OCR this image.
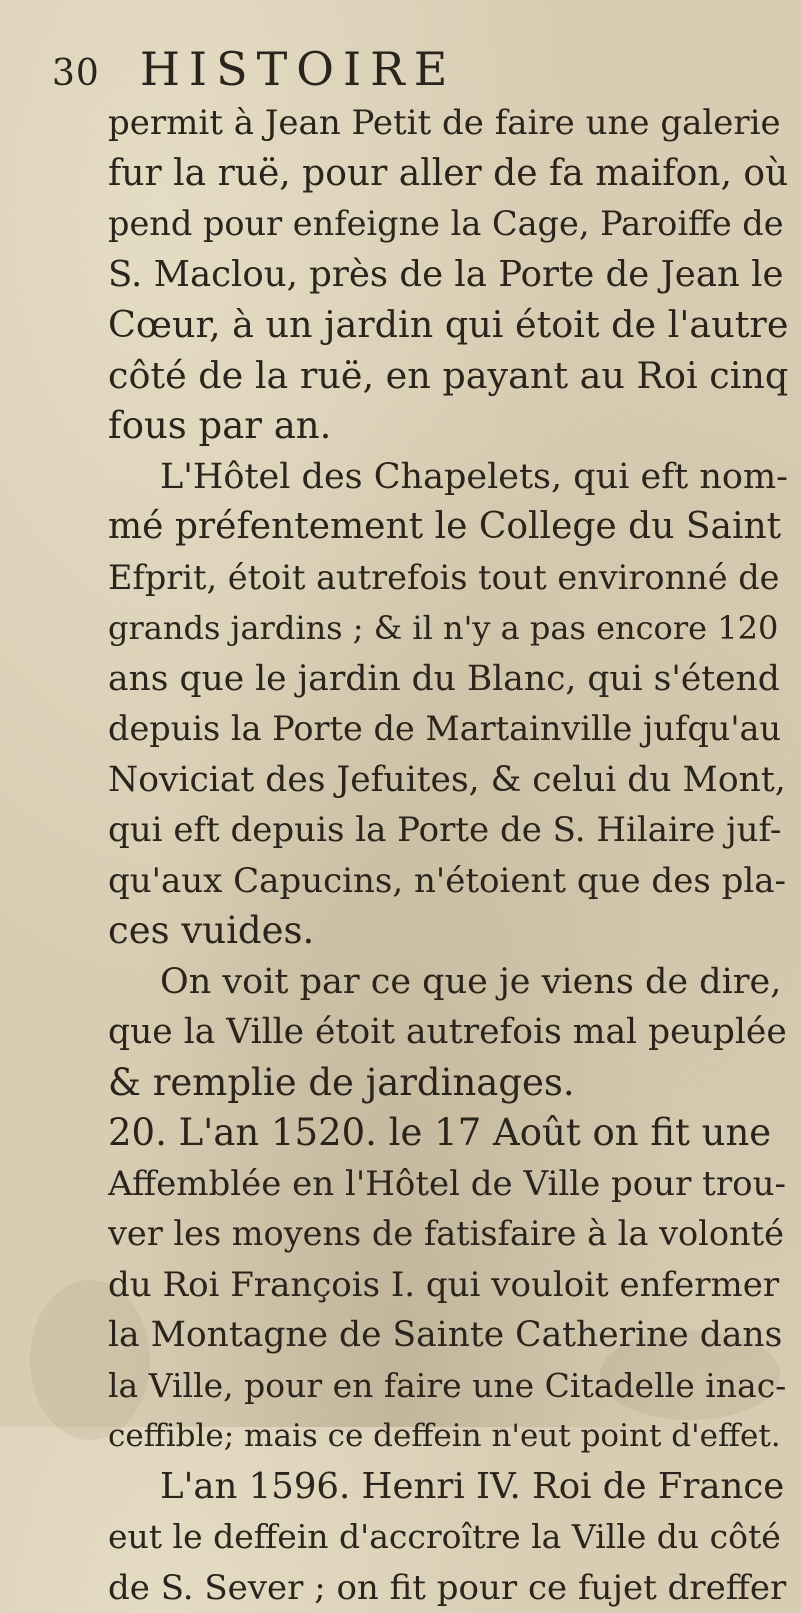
30 HISTOIRE
permit à Jean Petit de faire une galerie
fur la ruë, pour aller de fa maifon, où
pend pour enfeigne la Cage, Paroiffe de
S. Maclou, près de la Porte de Jean le
Cœur, à un jardin qui étoit de l'autre
côté de la ruë, en payant au Roi cinq
fous par an.
L'Hôtel des Chapelets, qui eft nom-
mé préfentement le College du Saint
Efprit, étoit autrefois tout environné de
grands jardins ; & il n'y a pas encore 120
ans que le jardin du Blanc, qui s'étend
depuis la Porte de Martainville jufqu'au
Noviciat des Jefuites, & celui du Mont,
qui eft depuis la Porte de S. Hilaire juf-
qu'aux Capucins, n'étoient que des pla-
ces vuides.
On voit par ce que je viens de dire,
que la Ville étoit autrefois mal peuplée
& remplie de jardinages.
20. L'an 1520. le 17 Août on fit une
Affemblée en l'Hôtel de Ville pour trou-
ver les moyens de fatisfaire à la volonté
du Roi François I. qui vouloit enfermer
la Montagne de Sainte Catherine dans
la Ville, pour en faire une Citadelle inac-
ceffible; mais ce deffein n'eut point d'effet.
L'an 1596. Henri IV. Roi de France
eut le deffein d'accroître la Ville du côté
de S. Sever ; on fit pour ce fujet dreffer
